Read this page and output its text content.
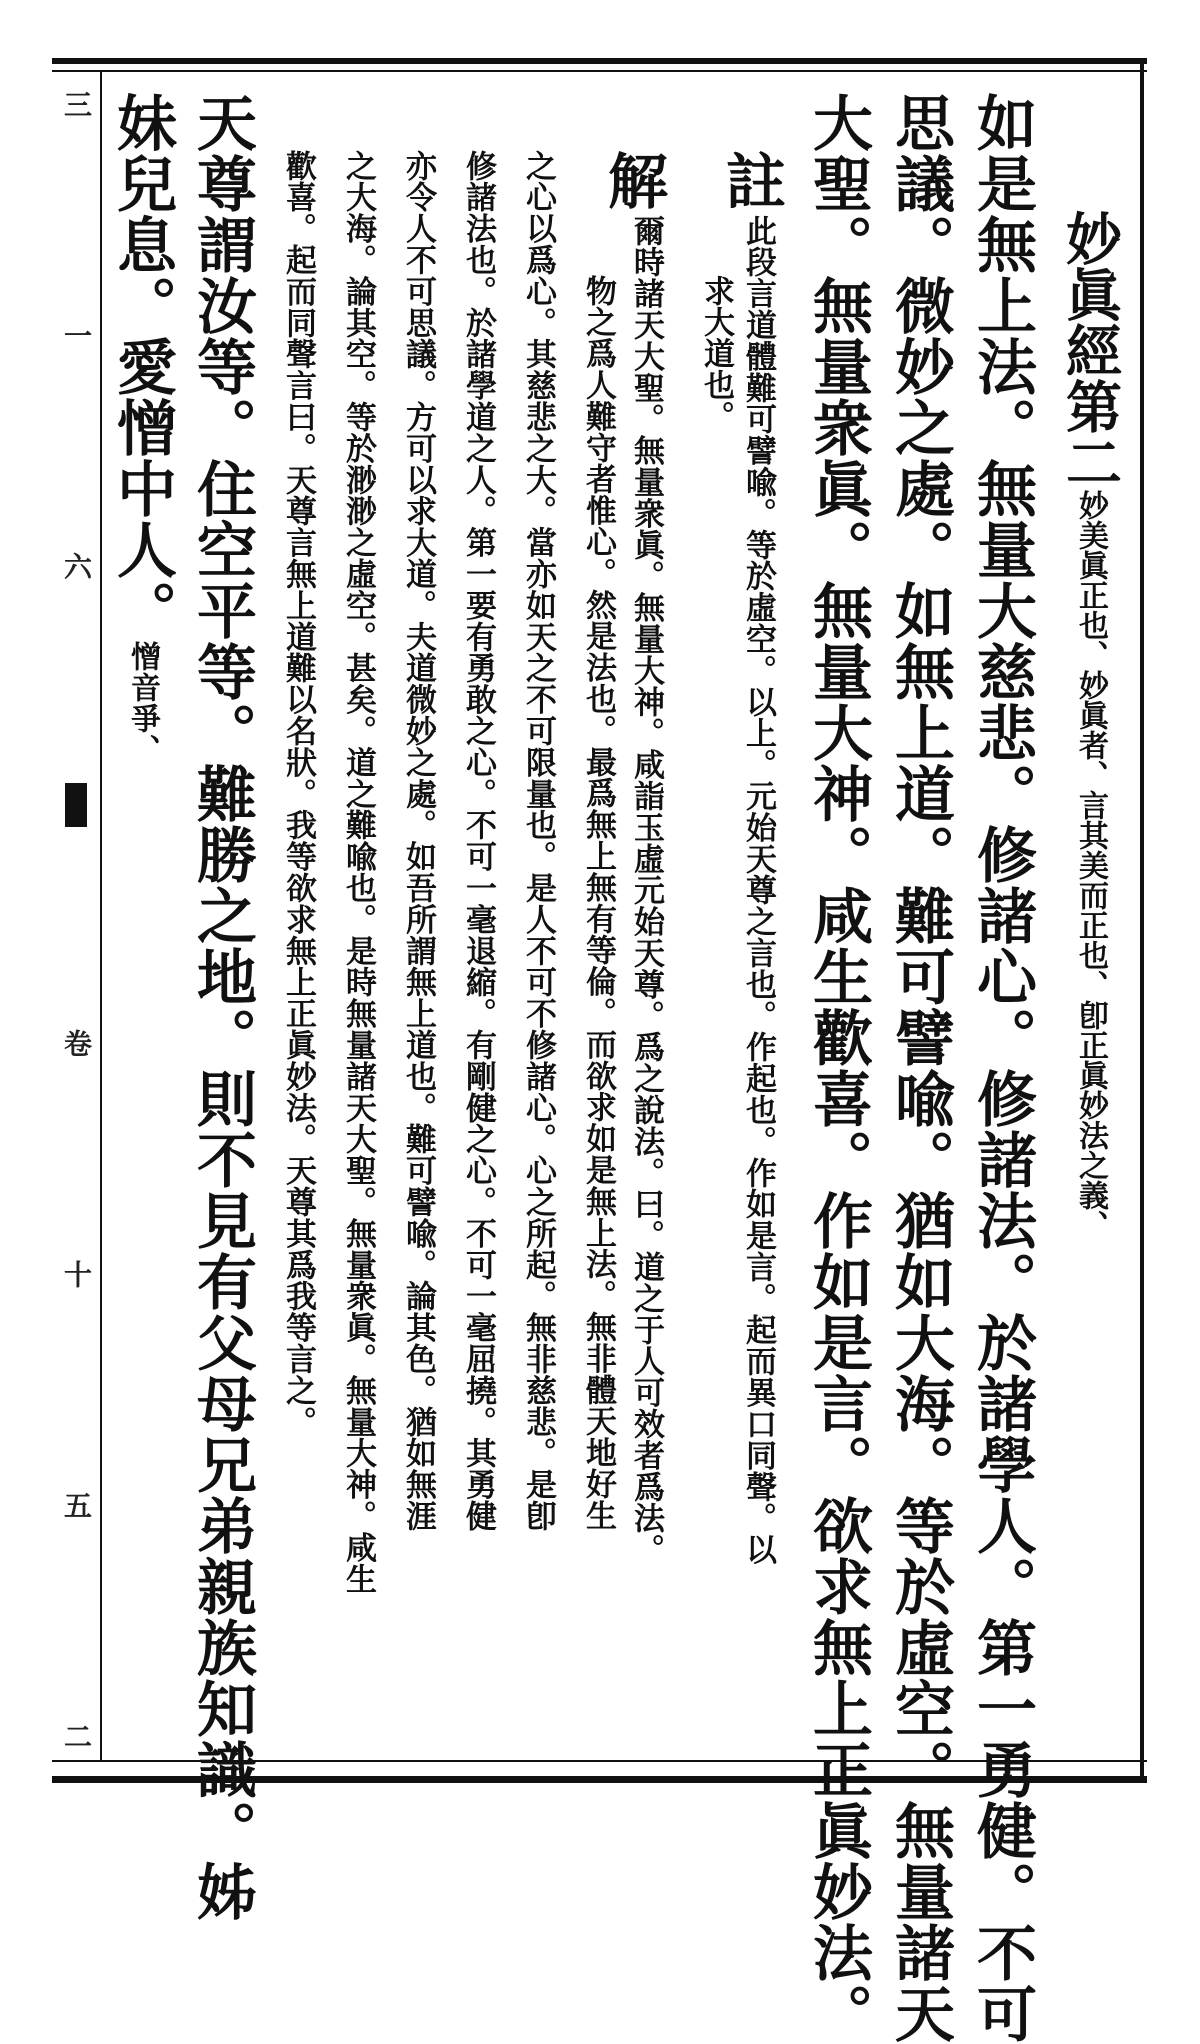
三
一
六
卷
十
五
二
妙眞經第二妙美眞正也、妙眞者、言其美而正也、卽正眞妙法之義、
如是無上法。無量大慈悲。修諸心。修諸法。於諸學人。第一勇健。不可
思議。微妙之處。如無上道。難可譬喩。猶如大海。等於虛空。無量諸天
大聖。無量衆眞。無量大神。咸生歡喜。作如是言。欲求無上正眞妙法。
註
此段言道體難可譬喩。等於虛空。以上。元始天尊之言也。作起也。作如是言。起而異口同聲。以
求大道也。
解
爾時諸天大聖。無量衆眞。無量大神。咸詣玉虛元始天尊。爲之說法。曰。道之于人可效者爲法。
物之爲人難守者惟心。然是法也。最爲無上無有等倫。而欲求如是無上法。無非體天地好生
之心以爲心。其慈悲之大。當亦如天之不可限量也。是人不可不修諸心。心之所起。無非慈悲。是卽
修諸法也。於諸學道之人。第一要有勇敢之心。不可一毫退縮。有剛健之心。不可一毫屈撓。其勇健
亦令人不可思議。方可以求大道。夫道微妙之處。如吾所謂無上道也。難可譬喩。論其色。猶如無涯
之大海。論其空。等於渺渺之虛空。甚矣。道之難喩也。是時無量諸天大聖。無量衆眞。無量大神。咸生
歡喜。起而同聲言曰。天尊言無上道難以名狀。我等欲求無上正眞妙法。天尊其爲我等言之。
天尊謂汝等。住空平等。難勝之地。則不見有父母兄弟親族知識。姊
妹兒息。愛憎中人。憎音爭、
